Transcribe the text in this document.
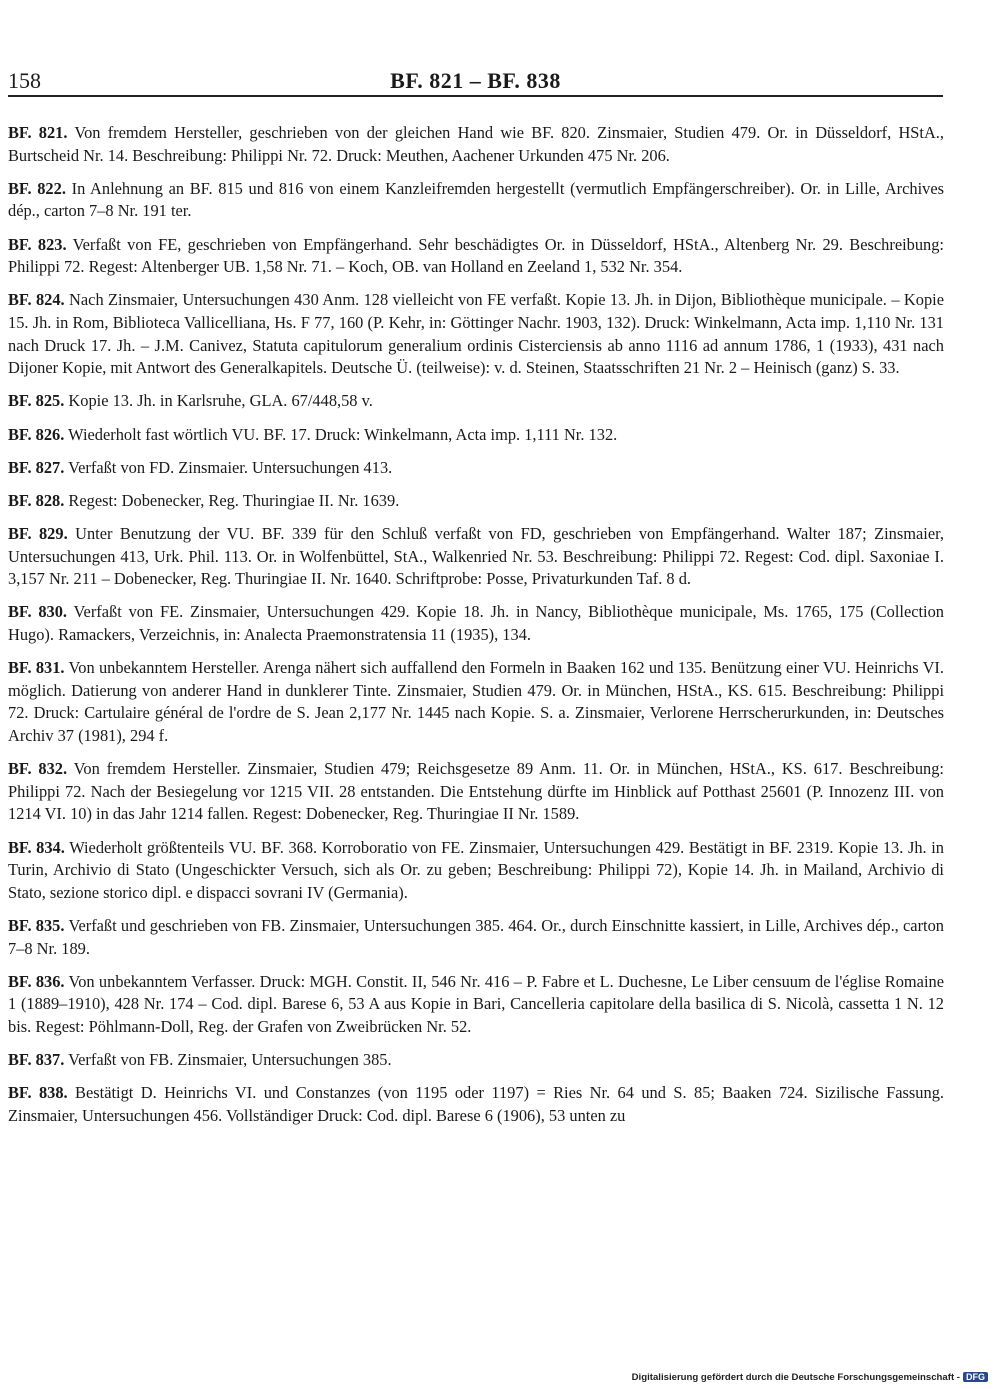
158	BF. 821 – BF. 838

BF. 821. Von fremdem Hersteller, geschrieben von der gleichen Hand wie BF. 820. Zinsmaier, Studien 479. Or. in Düsseldorf, HStA., Burtscheid Nr. 14. Beschreibung: Philippi Nr. 72. Druck: Meuthen, Aachener Urkunden 475 Nr. 206.

BF. 822. In Anlehnung an BF. 815 und 816 von einem Kanzleifremden hergestellt (vermutlich Empfängerschreiber). Or. in Lille, Archives dép., carton 7–8 Nr. 191 ter.

BF. 823. Verfaßt von FE, geschrieben von Empfängerhand. Sehr beschädigtes Or. in Düsseldorf, HStA., Altenberg Nr. 29. Beschreibung: Philippi 72. Regest: Altenberger UB. 1,58 Nr. 71. – Koch, OB. van Holland en Zeeland 1, 532 Nr. 354.

BF. 824. Nach Zinsmaier, Untersuchungen 430 Anm. 128 vielleicht von FE verfaßt. Kopie 13. Jh. in Dijon, Bibliothèque municipale. – Kopie 15. Jh. in Rom, Biblioteca Vallicelliana, Hs. F 77, 160 (P. Kehr, in: Göttinger Nachr. 1903, 132). Druck: Winkelmann, Acta imp. 1,110 Nr. 131 nach Druck 17. Jh. – J.M. Canivez, Statuta capitulorum generalium ordinis Cisterciensis ab anno 1116 ad annum 1786, 1 (1933), 431 nach Dijoner Kopie, mit Antwort des Generalkapitels. Deutsche Ü. (teilweise): v. d. Steinen, Staatsschriften 21 Nr. 2 – Heinisch (ganz) S. 33.

BF. 825. Kopie 13. Jh. in Karlsruhe, GLA. 67/448,58 v.

BF. 826. Wiederholt fast wörtlich VU. BF. 17. Druck: Winkelmann, Acta imp. 1,111 Nr. 132.

BF. 827. Verfaßt von FD. Zinsmaier. Untersuchungen 413.

BF. 828. Regest: Dobenecker, Reg. Thuringiae II. Nr. 1639.

BF. 829. Unter Benutzung der VU. BF. 339 für den Schluß verfaßt von FD, geschrieben von Empfängerhand. Walter 187; Zinsmaier, Untersuchungen 413, Urk. Phil. 113. Or. in Wolfenbüttel, StA., Walkenried Nr. 53. Beschreibung: Philippi 72. Regest: Cod. dipl. Saxoniae I. 3,157 Nr. 211 – Dobenecker, Reg. Thuringiae II. Nr. 1640. Schriftprobe: Posse, Privaturkunden Taf. 8 d.

BF. 830. Verfaßt von FE. Zinsmaier, Untersuchungen 429. Kopie 18. Jh. in Nancy, Bibliothèque municipale, Ms. 1765, 175 (Collection Hugo). Ramackers, Verzeichnis, in: Analecta Praemonstratensia 11 (1935), 134.

BF. 831. Von unbekanntem Hersteller. Arenga nähert sich auffallend den Formeln in Baaken 162 und 135. Benützung einer VU. Heinrichs VI. möglich. Datierung von anderer Hand in dunklerer Tinte. Zinsmaier, Studien 479. Or. in München, HStA., KS. 615. Beschreibung: Philippi 72. Druck: Cartulaire général de l'ordre de S. Jean 2,177 Nr. 1445 nach Kopie. S. a. Zinsmaier, Verlorene Herrscherurkunden, in: Deutsches Archiv 37 (1981), 294 f.

BF. 832. Von fremdem Hersteller. Zinsmaier, Studien 479; Reichsgesetze 89 Anm. 11. Or. in München, HStA., KS. 617. Beschreibung: Philippi 72. Nach der Besiegelung vor 1215 VII. 28 entstanden. Die Entstehung dürfte im Hinblick auf Potthast 25601 (P. Innozenz III. von 1214 VI. 10) in das Jahr 1214 fallen. Regest: Dobenecker, Reg. Thuringiae II Nr. 1589.

BF. 834. Wiederholt größtenteils VU. BF. 368. Korroboratio von FE. Zinsmaier, Untersuchungen 429. Bestätigt in BF. 2319. Kopie 13. Jh. in Turin, Archivio di Stato (Ungeschickter Versuch, sich als Or. zu geben; Beschreibung: Philippi 72), Kopie 14. Jh. in Mailand, Archivio di Stato, sezione storico dipl. e dispacci sovrani IV (Germania).

BF. 835. Verfaßt und geschrieben von FB. Zinsmaier, Untersuchungen 385. 464. Or., durch Einschnitte kassiert, in Lille, Archives dép., carton 7–8 Nr. 189.

BF. 836. Von unbekanntem Verfasser. Druck: MGH. Constit. II, 546 Nr. 416 – P. Fabre et L. Duchesne, Le Liber censuum de l'église Romaine 1 (1889–1910), 428 Nr. 174 – Cod. dipl. Barese 6, 53 A aus Kopie in Bari, Cancelleria capitolare della basilica di S. Nicolà, cassetta 1 N. 12 bis. Regest: Pöhlmann-Doll, Reg. der Grafen von Zweibrücken Nr. 52.

BF. 837. Verfaßt von FB. Zinsmaier, Untersuchungen 385.

BF. 838. Bestätigt D. Heinrichs VI. und Constanzes (von 1195 oder 1197) = Ries Nr. 64 und S. 85; Baaken 724. Sizilische Fassung. Zinsmaier, Untersuchungen 456. Vollständiger Druck: Cod. dipl. Barese 6 (1906), 53 unten zu

Digitalisierung gefördert durch die Deutsche Forschungsgemeinschaft - DFG
